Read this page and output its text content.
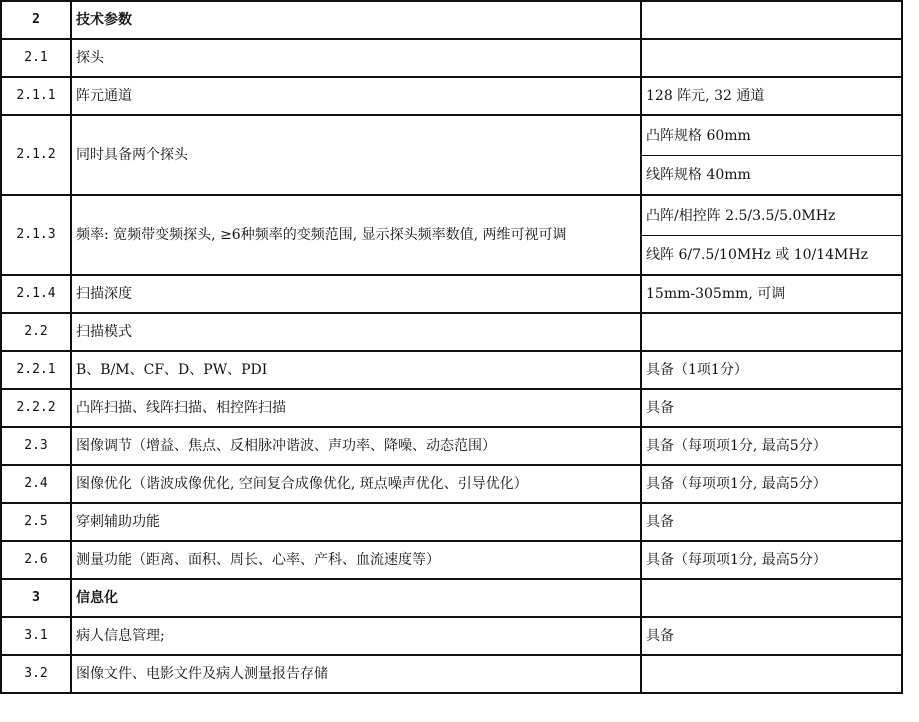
2	技术参数	
2.1	探头	
2.1.1	阵元通道	128 阵元, 32 通道
2.1.2	同时具备两个探头	凸阵规格 60mm
线阵规格 40mm

2.1.3	频率: 宽频带变频探头, ≥6种频率的变频范围, 显示探头频率数值, 两维可视可调	凸阵/相控阵 2.5/3.5/5.0MHz
线阵 6/7.5/10MHz 或 10/14MHz

2.1.4	扫描深度	15mm-305mm, 可调
2.2	扫描模式	
2.2.1	B、B/M、CF、D、PW、PDI	具备（1项1分）
2.2.2	凸阵扫描、线阵扫描、相控阵扫描	具备
2.3	图像调节（增益、焦点、反相脉冲谐波、声功率、降噪、动态范围）	具备（每项项1分, 最高5分）
2.4	图像优化（谐波成像优化, 空间复合成像优化, 斑点噪声优化、引导优化）	具备（每项项1分, 最高5分）
2.5	穿刺辅助功能	具备
2.6	测量功能（距离、面积、周长、心率、产科、血流速度等）	具备（每项项1分, 最高5分）
3	信息化	
3.1	病人信息管理;	具备
3.2	图像文件、电影文件及病人测量报告存储	
